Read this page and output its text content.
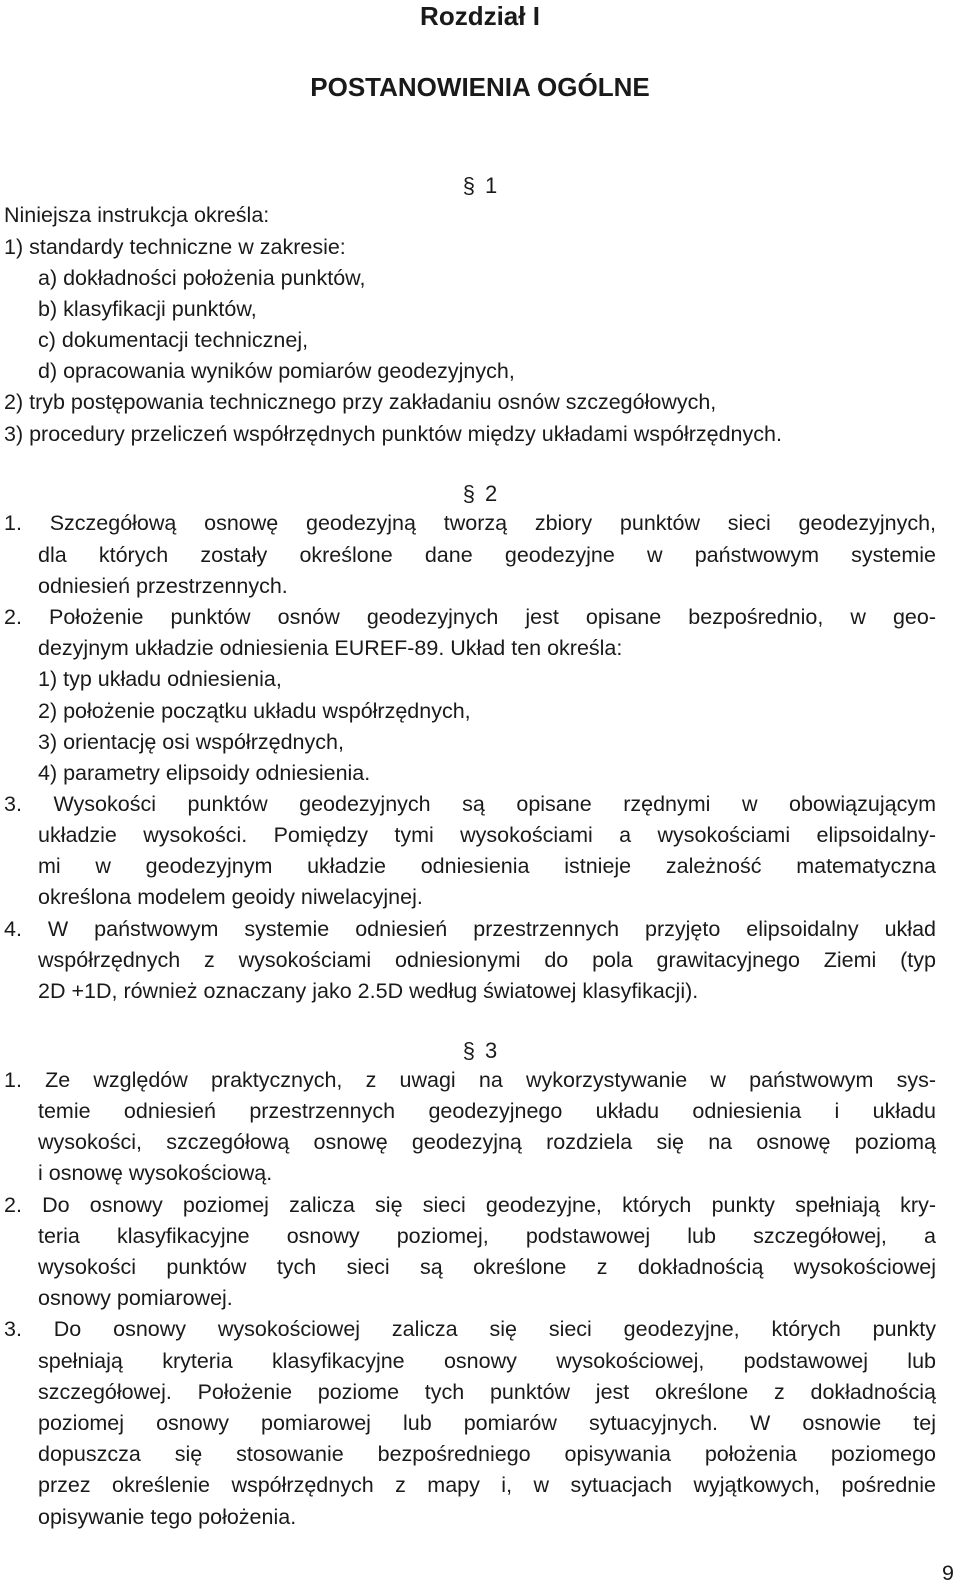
Rozdział I
POSTANOWIENIA OGÓLNE
§ 1

Niniejsza instrukcja określa:

1) standardy techniczne w zakresie:

a) dokładności położenia punktów,

b) klasyfikacji punktów,

c) dokumentacji technicznej,

d) opracowania wyników pomiarów geodezyjnych,

2) tryb postępowania technicznego przy zakładaniu osnów szczegółowych,

3) procedury przeliczeń współrzędnych punktów między układami współrzędnych.

§ 2

1. Szczegółową osnowę geodezyjną tworzą zbiory punktów sieci geodezyjnych,

dla których zostały określone dane geodezyjne w państwowym systemie

odniesień przestrzennych.

2. Położenie punktów osnów geodezyjnych jest opisane bezpośrednio, w geo-

dezyjnym układzie odniesienia EUREF-89. Układ ten określa:

1) typ układu odniesienia,

2) położenie początku układu współrzędnych,

3) orientację osi współrzędnych,

4) parametry elipsoidy odniesienia.

3. Wysokości punktów geodezyjnych są opisane rzędnymi w obowiązującym

układzie wysokości. Pomiędzy tymi wysokościami a wysokościami elipsoidalny-

mi w geodezyjnym układzie odniesienia istnieje zależność matematyczna

określona modelem geoidy niwelacyjnej.

4. W państwowym systemie odniesień przestrzennych przyjęto elipsoidalny układ

współrzędnych z wysokościami odniesionymi do pola grawitacyjnego Ziemi (typ

2D +1D, również oznaczany jako 2.5D według światowej klasyfikacji).

§ 3

1. Ze względów praktycznych, z uwagi na wykorzystywanie w państwowym sys-

temie odniesień przestrzennych geodezyjnego układu odniesienia i układu

wysokości, szczegółową osnowę geodezyjną rozdziela się na osnowę poziomą

i osnowę wysokościową.

2. Do osnowy poziomej zalicza się sieci geodezyjne, których punkty spełniają kry-

teria klasyfikacyjne osnowy poziomej, podstawowej lub szczegółowej, a

wysokości punktów tych sieci są określone z dokładnością wysokościowej

osnowy pomiarowej.

3. Do osnowy wysokościowej zalicza się sieci geodezyjne, których punkty

spełniają kryteria klasyfikacyjne osnowy wysokościowej, podstawowej lub

szczegółowej. Położenie poziome tych punktów jest określone z dokładnością

poziomej osnowy pomiarowej lub pomiarów sytuacyjnych. W osnowie tej

dopuszcza się stosowanie bezpośredniego opisywania położenia poziomego

przez określenie współrzędnych z mapy i, w sytuacjach wyjątkowych, pośrednie

opisywanie tego położenia.

9
